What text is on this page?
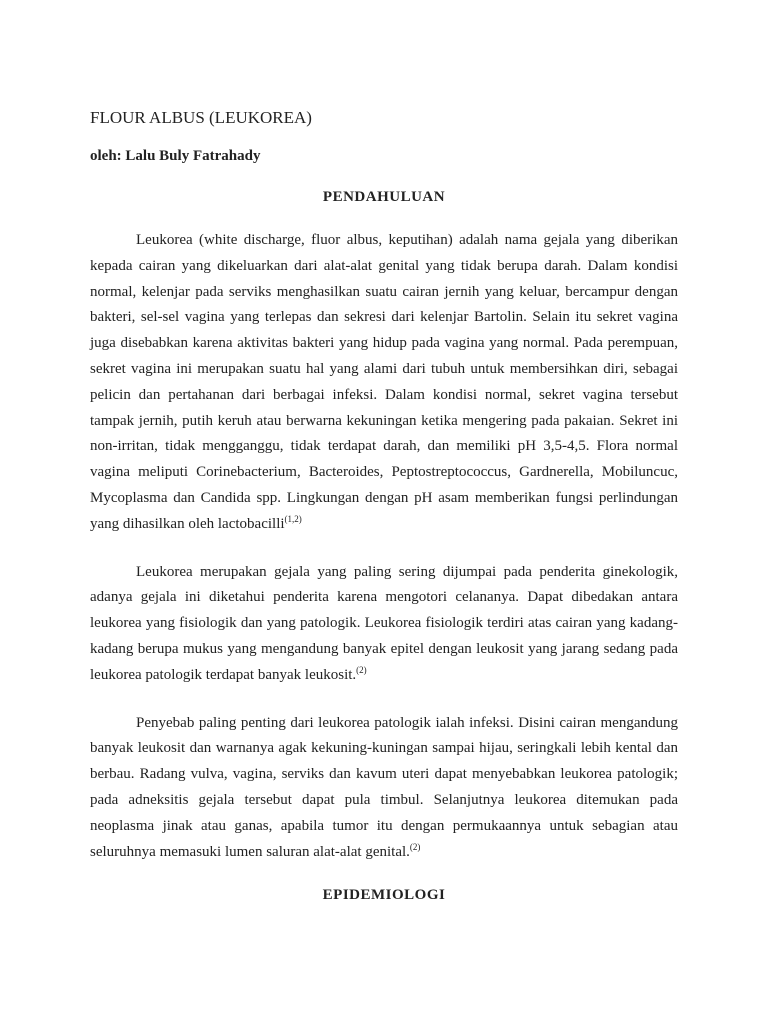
FLOUR ALBUS (LEUKOREA)

oleh: Lalu Buly Fatrahady

PENDAHULUAN

Leukorea (white discharge, fluor albus, keputihan) adalah nama gejala yang diberikan kepada cairan yang dikeluarkan dari alat-alat genital yang tidak berupa darah. Dalam kondisi normal, kelenjar pada serviks menghasilkan suatu cairan jernih yang keluar, bercampur dengan bakteri, sel-sel vagina yang terlepas dan sekresi dari kelenjar Bartolin. Selain itu sekret vagina juga disebabkan karena aktivitas bakteri yang hidup pada vagina yang normal. Pada perempuan, sekret vagina ini merupakan suatu hal yang alami dari tubuh untuk membersihkan diri, sebagai pelicin dan pertahanan dari berbagai infeksi. Dalam kondisi normal, sekret vagina tersebut tampak jernih, putih keruh atau berwarna kekuningan ketika mengering pada pakaian. Sekret ini non-irritan, tidak mengganggu, tidak terdapat darah, dan memiliki pH 3,5-4,5. Flora normal vagina meliputi Corinebacterium, Bacteroides, Peptostreptococcus, Gardnerella, Mobiluncuc, Mycoplasma dan Candida spp. Lingkungan dengan pH asam memberikan fungsi perlindungan yang dihasilkan oleh lactobacilli$^{(1,2)}$

Leukorea merupakan gejala yang paling sering dijumpai pada penderita ginekologik, adanya gejala ini diketahui penderita karena mengotori celananya. Dapat dibedakan antara leukorea yang fisiologik dan yang patologik. Leukorea fisiologik terdiri atas cairan yang kadang-kadang berupa mukus yang mengandung banyak epitel dengan leukosit yang jarang sedang pada leukorea patologik terdapat banyak leukosit.$^{(2)}$

Penyebab paling penting dari leukorea patologik ialah infeksi. Disini cairan mengandung banyak leukosit dan warnanya agak kekuning-kuningan sampai hijau, seringkali lebih kental dan berbau. Radang vulva, vagina, serviks dan kavum uteri dapat menyebabkan leukorea patologik; pada adneksitis gejala tersebut dapat pula timbul. Selanjutnya leukorea ditemukan pada neoplasma jinak atau ganas, apabila tumor itu dengan permukaannya untuk sebagian atau seluruhnya memasuki lumen saluran alat-alat genital.$^{(2)}$

EPIDEMIOLOGI
